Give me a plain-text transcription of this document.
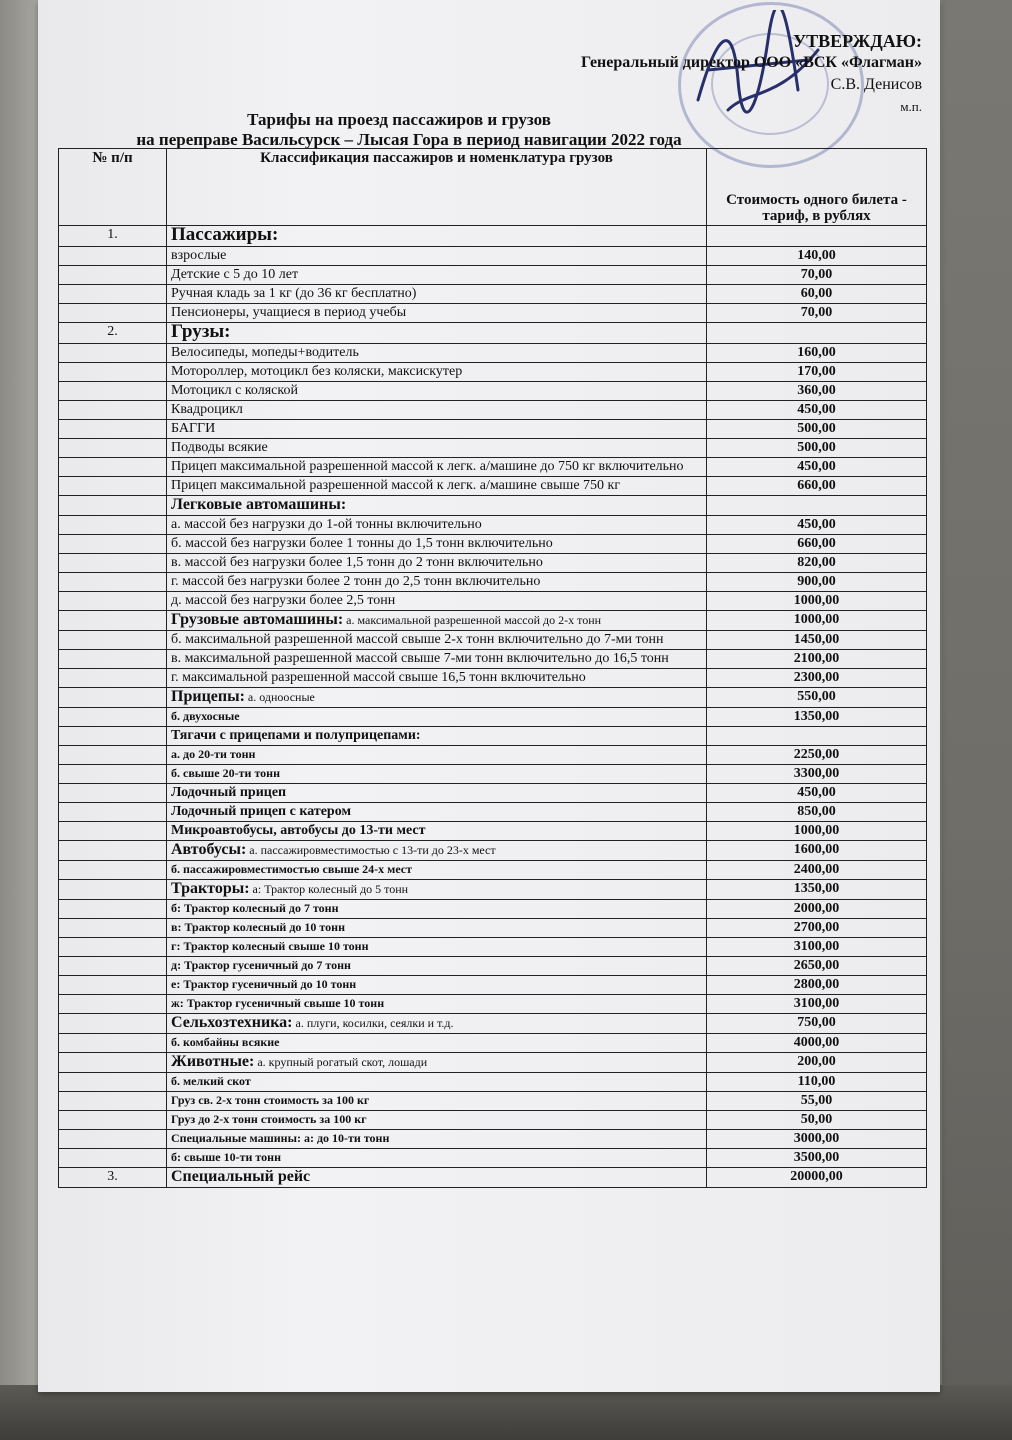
УТВЕРЖДАЮ:
Генеральный директор ООО «ВСК «Флагман»
С.В. Денисов
м.п.
Тарифы на проезд пассажиров и грузов
на переправе Васильсурск – Лысая Гора в период навигации 2022 года
№ п/п	Классификация пассажиров и номенклатура грузов	Стоимость одного билета - тариф, в рублях
1.	Пассажиры:	
	взрослые	140,00
	Детские с 5 до 10 лет	70,00
	Ручная кладь за 1 кг (до 36 кг бесплатно)	60,00
	Пенсионеры, учащиеся в период учебы	70,00
2.	Грузы:	
	Велосипеды, мопеды+водитель	160,00
	Мотороллер, мотоцикл без коляски, максискутер	170,00
	Мотоцикл с коляской	360,00
	Квадроцикл	450,00
	БАГГИ	500,00
	Подводы всякие	500,00
	Прицеп максимальной разрешенной массой к легк. а/машине до 750 кг включительно	450,00
	Прицеп максимальной разрешенной массой к легк. а/машине свыше 750 кг	660,00
	Легковые автомашины:	
	а. массой без нагрузки до 1-ой тонны включительно	450,00
	б. массой без нагрузки более 1 тонны до 1,5 тонн включительно	660,00
	в. массой без нагрузки более 1,5 тонн до 2 тонн включительно	820,00
	г. массой без нагрузки более 2 тонн до 2,5 тонн включительно	900,00
	д. массой без нагрузки более 2,5 тонн	1000,00
	Грузовые автомашины: а. максимальной разрешенной массой до 2-х тонн	1000,00
	б. максимальной разрешенной массой свыше 2-х тонн включительно до 7-ми тонн	1450,00
	в. максимальной разрешенной массой свыше 7-ми тонн включительно до 16,5 тонн	2100,00
	г. максимальной разрешенной массой свыше 16,5 тонн включительно	2300,00
	Прицепы: а. одноосные	550,00
	б. двухосные	1350,00
	Тягачи с прицепами и полуприцепами:	
	а. до 20-ти тонн	2250,00
	б. свыше 20-ти тонн	3300,00
	Лодочный прицеп	450,00
	Лодочный прицеп с катером	850,00
	Микроавтобусы, автобусы до 13-ти мест	1000,00
	Автобусы: а. пассажировместимостью с 13-ти до 23-х мест	1600,00
	б. пассажировместимостью свыше 24-х мест	2400,00
	Тракторы: а: Трактор колесный до 5 тонн	1350,00
	б: Трактор колесный до 7 тонн	2000,00
	в: Трактор колесный до 10 тонн	2700,00
	г: Трактор колесный свыше 10 тонн	3100,00
	д: Трактор гусеничный до 7 тонн	2650,00
	е: Трактор гусеничный до 10 тонн	2800,00
	ж: Трактор гусеничный свыше 10 тонн	3100,00
	Сельхозтехника: а. плуги, косилки, сеялки и т.д.	750,00
	б. комбайны всякие	4000,00
	Животные: а. крупный рогатый скот, лошади	200,00
	б. мелкий скот	110,00
	Груз св. 2-х тонн стоимость за 100 кг	55,00
	Груз до 2-х тонн стоимость за 100 кг	50,00
	Специальные машины: а: до 10-ти тонн	3000,00
	б: свыше 10-ти тонн	3500,00
3.	Специальный рейс	20000,00
